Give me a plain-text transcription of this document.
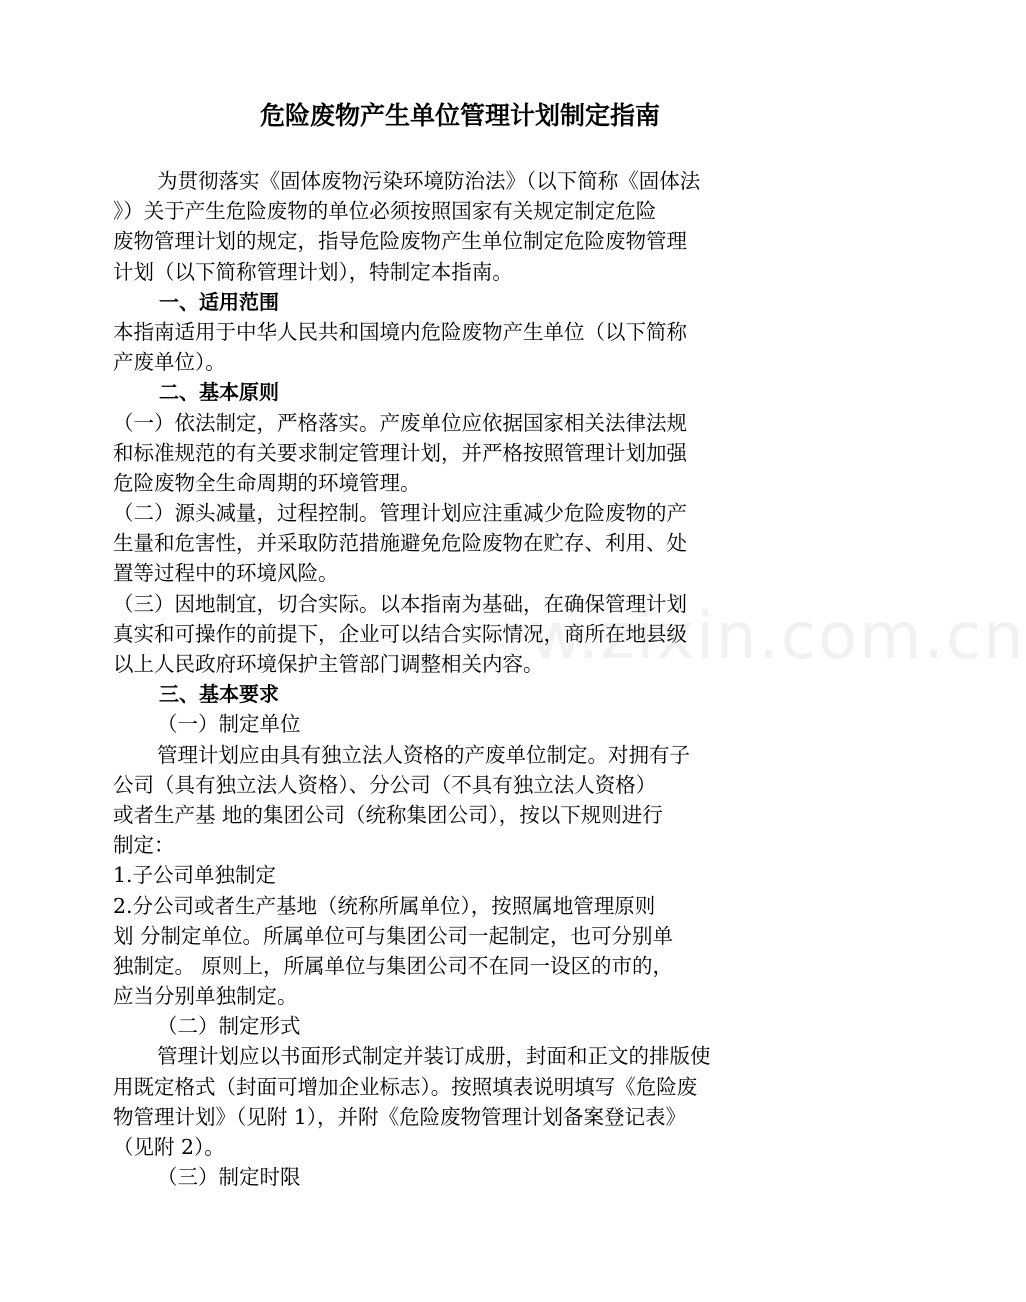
w.zixin.com.cn
危险废物产生单位管理计划制定指南
为贯彻落实《固体废物污染环境防治法》（以下简称《固体法
》）关于产生危险废物的单位必须按照国家有关规定制定危险
废物管理计划的规定，指导危险废物产生单位制定危险废物管理
计划（以下简称管理计划），特制定本指南。
一、适用范围
本指南适用于中华人民共和国境内危险废物产生单位（以下简称
产废单位）。
二、基本原则
（一）依法制定，严格落实。产废单位应依据国家相关法律法规
和标准规范的有关要求制定管理计划，并严格按照管理计划加强
危险废物全生命周期的环境管理。
（二）源头减量，过程控制。管理计划应注重减少危险废物的产
生量和危害性，并采取防范措施避免危险废物在贮存、利用、处
置等过程中的环境风险。
（三）因地制宜，切合实际。以本指南为基础，在确保管理计划
真实和可操作的前提下，企业可以结合实际情况，商所在地县级
以上人民政府环境保护主管部门调整相关内容。
三、基本要求
（一）制定单位
管理计划应由具有独立法人资格的产废单位制定。对拥有子
公司（具有独立法人资格）、分公司（不具有独立法人资格）
或者生产基 地的集团公司（统称集团公司），按以下规则进行
制定：
1.子公司单独制定
2.分公司或者生产基地（统称所属单位），按照属地管理原则
划 分制定单位。所属单位可与集团公司一起制定，也可分别单
独制定。 原则上，所属单位与集团公司不在同一设区的市的，
应当分别单独制定。
（二）制定形式
管理计划应以书面形式制定并装订成册，封面和正文的排版使
用既定格式（封面可增加企业标志）。按照填表说明填写《危险废
物管理计划》（见附 1），并附《危险废物管理计划备案登记表》
（见附 2）。
（三）制定时限
